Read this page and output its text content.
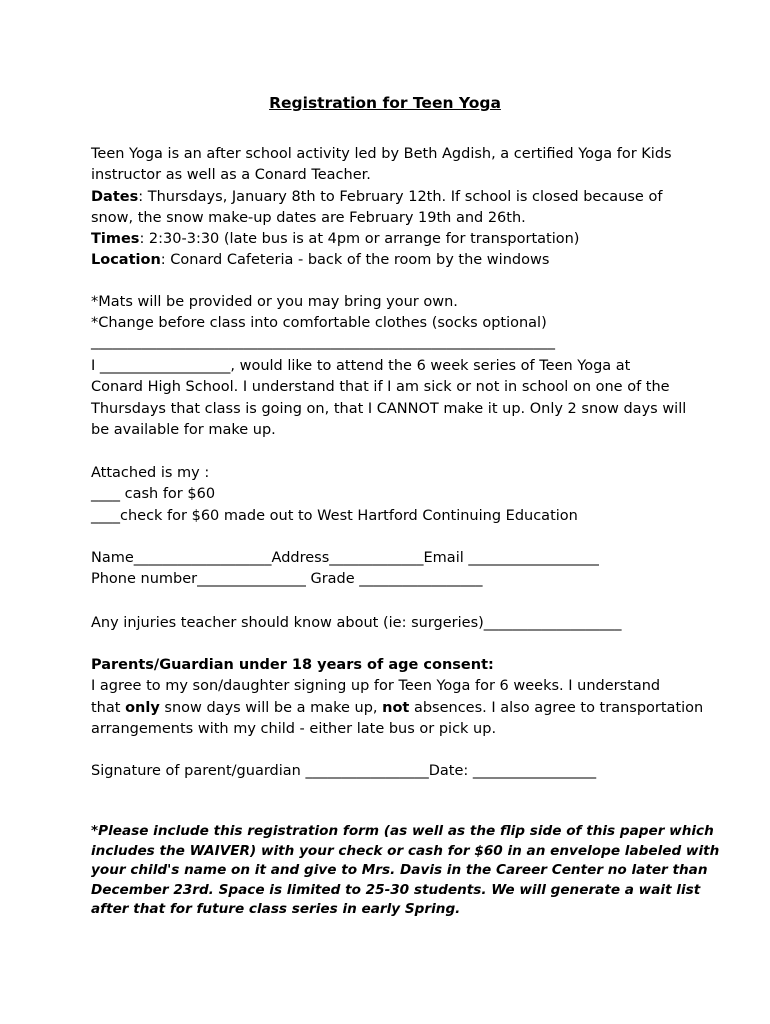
Registration for Teen Yoga
Teen Yoga is an after school activity led by Beth Agdish, a certified Yoga for Kids
instructor as well as a Conard Teacher.
Dates: Thursdays, January 8th to February 12th. If school is closed because of
snow, the snow make-up dates are February 19th and 26th.
Times: 2:30-3:30 (late bus is at 4pm or arrange for transportation)
Location: Conard Cafeteria - back of the room by the windows
*Mats will be provided or you may bring your own.
*Change before class into comfortable clothes (socks optional)
________________________________________________________________
I __________________, would like to attend the 6 week series of Teen Yoga at
Conard High School. I understand that if I am sick or not in school on one of the
Thursdays that class is going on, that I CANNOT make it up. Only 2 snow days will
be available for make up.
Attached is my :
____ cash for $60
____check for $60 made out to West Hartford Continuing Education
Name___________________Address_____________Email __________________
Phone number_______________ Grade _________________
Any injuries teacher should know about (ie: surgeries)___________________
Parents/Guardian under 18 years of age consent:
I agree to my son/daughter signing up for Teen Yoga for 6 weeks. I understand
that only snow days will be a make up, not absences. I also agree to transportation
arrangements with my child - either late bus or pick up.
Signature of parent/guardian _________________Date: _________________
*Please include this registration form (as well as the flip side of this paper which
includes the WAIVER) with your check or cash for $60 in an envelope labeled with
your child's name on it and give to Mrs. Davis in the Career Center no later than
December 23rd. Space is limited to 25-30 students. We will generate a wait list
after that for future class series in early Spring.
